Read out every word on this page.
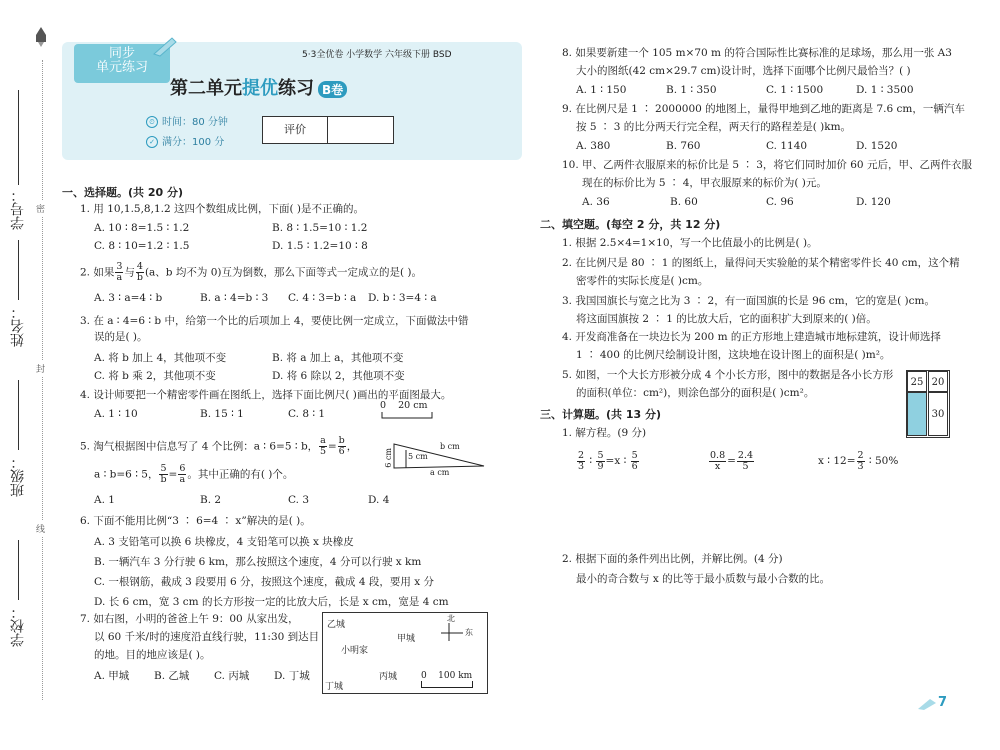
密
封
线
学号：
姓名：
班级：
学校：
同步
单元练习
5·3全优卷 小学数学 六年级下册 BSD
第二单元提优练习 B卷
⏲ 时间：80 分钟
✓ 满分：100 分
评价
一、选择题。(共 20 分)
1. 用 10,1.5,8,1.2 这四个数组成比例，下面( )是不正确的。
A. 10 ∶ 8=1.5 ∶ 1.2	B. 8 ∶ 1.5=10 ∶ 1.2
C. 8 ∶ 10=1.2 ∶ 1.5	D. 1.5 ∶ 1.2=10 ∶ 8
2. 如果 $\frac{3}{a}$ 与 $\frac{4}{b} (a$、b 均不为 0)互为倒数，那么下面等式一定成立的是( )。
A. 3 ∶ a=4 ∶ b	B. a ∶ 4=b ∶ 3 C. 4 ∶ 3=b ∶ a D. b ∶ 3=4 ∶ a
3. 在 a ∶ 4=6 ∶ b 中，给第一个比的后项加上 4，要使比例一定成立，下面做法中错
误的是( )。
A. 将 b 加上 4，其他项不变	B. 将 a 加上 a，其他项不变
C. 将 b 乘 2，其他项不变	D. 将 6 除以 2，其他项不变
4. 设计师要把一个精密零件画在图纸上，选择下面比例尺( )画出的平面图最大。
A. 1 ∶ 10	B. 15 ∶ 1	C. 8 ∶ 1
0    20 cm
5. 淘气根据图中信息写了 4 个比例：a ∶ 6=5 ∶ b， $\frac{a}{5} = \frac{b}{6}$ ，
a ∶ b=6 ∶ 5， $\frac{5}{b} = \frac{6}{a}$ 。其中正确的有( )个。
6 cm 5 cm
b cm
a cm
A. 1	B. 2	C. 3	D. 4
6. 下面不能用比例“3 ∶ 6=4 ∶ x”解决的是( )。
A. 3 支铅笔可以换 6 块橡皮，4 支铅笔可以换 x 块橡皮
B. 一辆汽车 3 分行驶 6 km，那么按照这个速度，4 分可以行驶 x km
C. 一根钢筋，截成 3 段要用 6 分，按照这个速度，截成 4 段，要用 x 分
D. 长 6 cm，宽 3 cm 的长方形按一定的比放大后，长是 x cm，宽是 4 cm
7. 如右图，小明的爸爸上午 9：00 从家出发，
以 60 千米/时的速度沿直线行驶，11:30 到达目
的地。目的地应该是( )。
A. 甲城 B. 乙城 C. 丙城 D. 丁城
乙城
甲城
小明家
丙城
丁城
北
东
0    100 km
8. 如果要新建一个 105 m×70 m 的符合国际性比赛标准的足球场，那么用一张 A3
大小的图纸(42 cm×29.7 cm)设计时，选择下面哪个比例尺最恰当？( )
A. 1 ∶ 150	B. 1 ∶ 350	C. 1 ∶ 1500	D. 1 ∶ 3500
9. 在比例尺是 1 ∶ 2000000 的地图上，量得甲地到乙地的距离是 7.6 cm，一辆汽车
按 5 ∶ 3 的比分两天行完全程，两天行的路程差是( )km。
A. 380	B. 760	C. 1140	D. 1520
10. 甲、乙两件衣服原来的标价比是 5 ∶ 3，将它们同时加价 60 元后，甲、乙两件衣服
现在的标价比为 5 ∶ 4，甲衣服原来的标价为( )元。
A. 36	B. 60	C. 96	D. 120
二、填空题。(每空 2 分，共 12 分)
1. 根据 2.5×4=1×10，写一个比值最小的比例是( )。
2. 在比例尺是 80 ∶ 1 的图纸上，量得问天实验舱的某个精密零件长 40 cm，这个精
密零件的实际长度是( )cm。
3. 我国国旗长与宽之比为 3 ∶ 2，有一面国旗的长是 96 cm，它的宽是( )cm。
将这面国旗按 2 ∶ 1 的比放大后，它的面积扩大到原来的( )倍。
4. 开发商准备在一块边长为 200 m 的正方形地上建造城市地标建筑，设计师选择
1 ∶ 400 的比例尺绘制设计图，这块地在设计图上的面积是( )m²。
5. 如图，一个大长方形被分成 4 个小长方形，图中的数据是各小长方形
的面积(单位：cm²)，则涂色部分的面积是( )cm²。
25 20
30
三、计算题。(共 13 分)
1. 解方程。(9 分)
$\frac{2}{3}$ ∶ $\frac{5}{9} =x$ ∶ $\frac{5}{6}$	$\frac{0.8}{x} = \frac{2.4}{5}$	x ∶ $12= \frac{2}{3}$ ∶ 50%
2. 根据下面的条件列出比例，并解比例。(4 分)
最小的奇合数与 x 的比等于最小质数与最小合数的比。
7
